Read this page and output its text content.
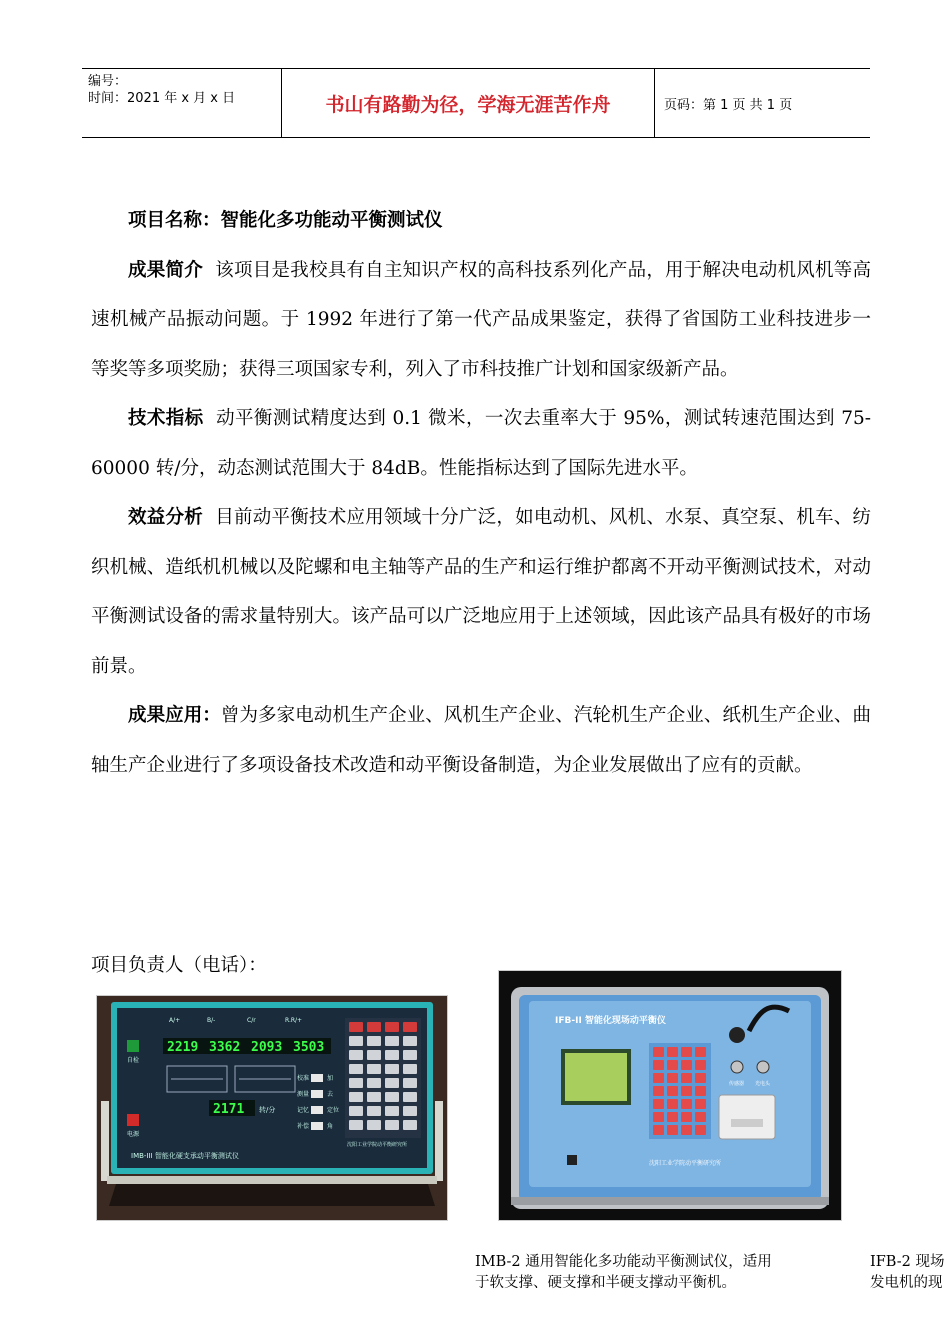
编号：
时间：2021 年 x 月 x 日	书山有路勤为径，学海无涯苦作舟	页码：第 1 页 共 1 页

项目名称：智能化多功能动平衡测试仪

成果简介 该项目是我校具有自主知识产权的高科技系列化产品，用于解决电动机风机等高速机械产品振动问题。于 1992 年进行了第一代产品成果鉴定，获得了省国防工业科技进步一等奖等多项奖励；获得三项国家专利，列入了市科技推广计划和国家级新产品。

技术指标 动平衡测试精度达到 0.1 微米，一次去重率大于 95%，测试转速范围达到 75-60000 转/分，动态测试范围大于 84dB。性能指标达到了国际先进水平。

效益分析 目前动平衡技术应用领域十分广泛，如电动机、风机、水泵、真空泵、机车、纺织机械、造纸机机械以及陀螺和电主轴等产品的生产和运行维护都离不开动平衡测试技术，对动平衡测试设备的需求量特别大。该产品可以广泛地应用于上述领域，因此该产品具有极好的市场前景。

成果应用：曾为多家电动机生产企业、风机生产企业、汽轮机生产企业、纸机生产企业、曲轴生产企业进行了多项设备技术改造和动平衡设备制造，为企业发展做出了应有的贡献。

项目负责人（电话）：
A/+	B/-	C/r	R.R/+
2219 3362 2093 3503
2171 转/分
校准
测量
记忆
补偿
加
去
定位
角
自检
电源
IMB-III 智能化硬支承动平衡测试仪
沈阳工业学院动平衡研究所
IFB-II 智能化现场动平衡仪
传感器 光电头
沈阳工业学院动平衡研究所
IMB-2 通用智能化多功能动平衡测试仪，适用
于软支撑、硬支撑和半硬支撑动平衡机。
IFB-2 现场
发电机的现
